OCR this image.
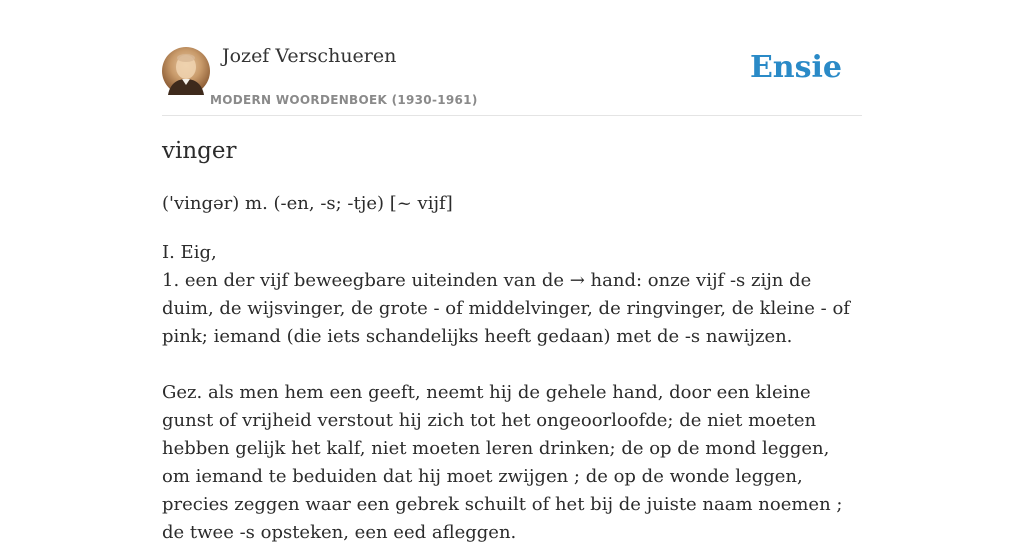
Jozef Verschueren
MODERN WOORDENBOEK (1930-1961)
Ensie
vinger
('vingər) m. (-en, -s; -tje) [~ vijf]

I. Eig,

1. een der vijf beweegbare uiteinden van de → hand: onze vijf -s zijn de duim, de wijsvinger, de grote - of middelvinger, de ringvinger, de kleine - of pink; iemand (die iets schandelijks heeft gedaan) met de -s nawijzen.

Gez. als men hem een geeft, neemt hij de gehele hand, door een kleine gunst of vrijheid verstout hij zich tot het ongeoorloofde; de niet moeten hebben gelijk het kalf, niet moeten leren drinken; de op de mond leggen, om iemand te beduiden dat hij moet zwijgen ; de op de wonde leggen, precies zeggen waar een gebrek schuilt of het bij de juiste naam noemen ; de twee -s opsteken, een eed afleggen.
